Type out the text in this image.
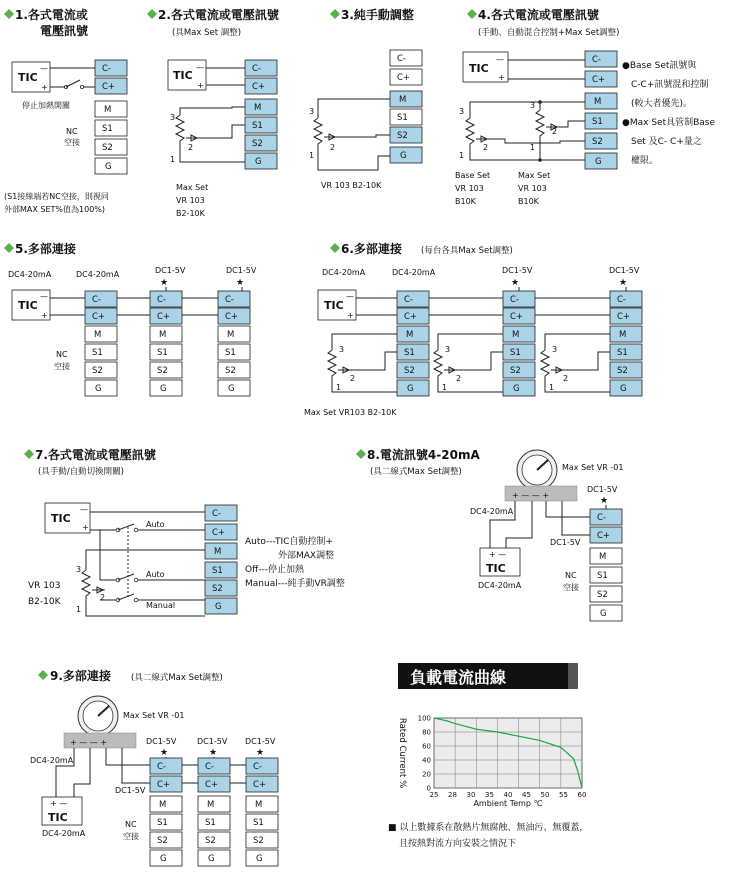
1.各式電流或
電壓訊號
TIC
—
+
停止加熱開關
C-
C+
M
S1
S2
G
NC
空接
(S1接線端若NC空接，則視同
外部MAX SET%值為100%)
2.各式電流或電壓訊號
(具Max Set 調整)
TIC
—
+
C-
C+
M
S1
S2
G
3
2
1
Max Set
VR 103
B2-10K
3.純手動調整
C-
C+
M
S1
S2
G
3
2
1
VR 103 B2-10K
4.各式電流或電壓訊號
(手動、自動混合控制+Max Set調整)
TIC
—
+
C-
C+
M
S1
S2
G
3
2
1
3
2
1
Base Set
VR 103
B10K
Max Set
VR 103
B10K
●Base Set訊號與
C-C+訊號混和控制
(較大者優先)。
●Max Set具管制Base
Set 及C- C+量之
權限。
5.多部連接
DC4-20mA	DC4-20mA	DC1-5V	DC1-5V
★	★
TIC
—
+
C-
C+
M
S1
S2
G
C-
C+
M
S1
S2
G
C-
C+
M
S1
S2
G
NC
空接
6.多部連接 (每台各具Max Set調整)
DC4-20mA	DC4-20mA	DC1-5V	DC1-5V
★	★
TIC
—
+
C-
C+
M
S1
S2
G
C-
C+
M
S1
S2
G
C-
C+
M
S1
S2
G
3
2
1
3
2
1
3
2
1
Max Set VR103 B2-10K
7.各式電流或電壓訊號
(具手動/自動切換開關)
TIC
—
+
C-
C+
M
S1
S2
G
Auto
Auto
Manual
3
2
1
VR 103
B2-10K
Auto---TIC自動控制+
外部MAX調整
Off---停止加熱
Manual---純手動VR調整
8.電流訊號4-20mA
(具二線式Max Set調整)	Max Set VR -01
+ — — +
DC1-5V
★
DC4-20mA
C-
C+
M
S1
S2
G
DC1-5V
+ —
TIC
DC4-20mA
NC
空接
9.多部連接 (具二線式Max Set調整)
Max Set VR -01
+ — — +	DC1-5V	DC1-5V DC1-5V
★	★	★
DC4-20mA
DC1-5V
C-
C+
M
S1
S2
G
C-
C+
M
S1
S2
G
C-
C+
M
S1
S2
G
+ —
TIC
DC4-20mA
NC
空接
負載電流曲線
0
20
40
60
80
100
25 28 30 35 40 45 50 55 60
Ambient Temp ℃
Rated Current %
■ 以上數據系在散熱片無腐蝕、無油污、無覆蓋，
且按熱對流方向安裝之情況下
